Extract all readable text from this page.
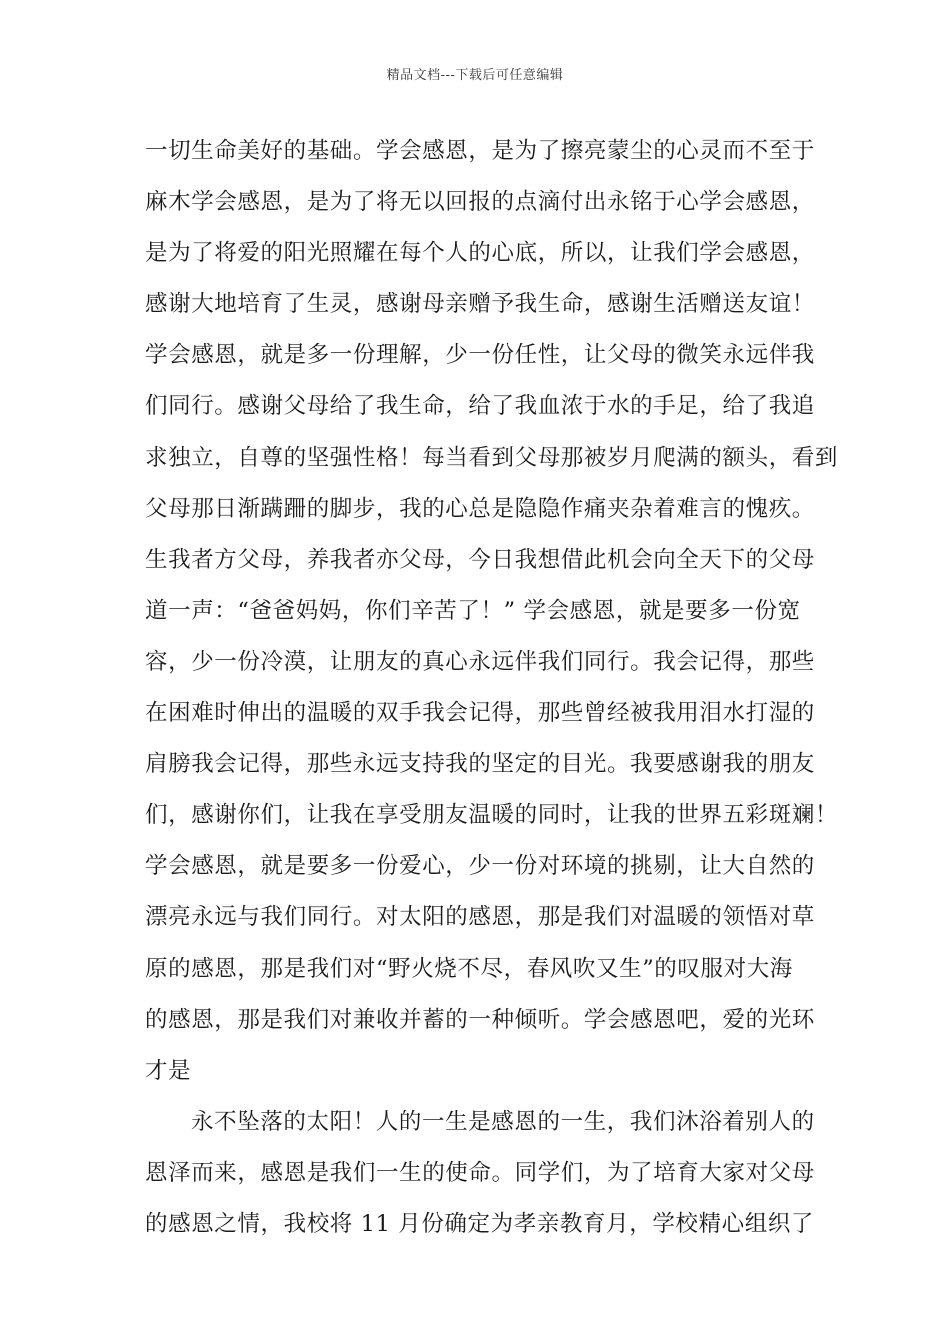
精品文档---下载后可任意编辑
一切生命美好的基础。学会感恩，是为了擦亮蒙尘的心灵而不至于
麻木学会感恩，是为了将无以回报的点滴付出永铭于心学会感恩，
是为了将爱的阳光照耀在每个人的心底，所以，让我们学会感恩，
感谢大地培育了生灵，感谢母亲赠予我生命，感谢生活赠送友谊！
学会感恩，就是多一份理解，少一份任性，让父母的微笑永远伴我
们同行。感谢父母给了我生命，给了我血浓于水的手足，给了我追
求独立，自尊的坚强性格！每当看到父母那被岁月爬满的额头，看到
父母那日渐蹒跚的脚步，我的心总是隐隐作痛夹杂着难言的愧疚。
生我者方父母，养我者亦父母，今日我想借此机会向全天下的父母
道一声：“爸爸妈妈，你们辛苦了！” 学会感恩，就是要多一份宽
容，少一份冷漠，让朋友的真心永远伴我们同行。我会记得，那些
在困难时伸出的温暖的双手我会记得，那些曾经被我用泪水打湿的
肩膀我会记得，那些永远支持我的坚定的目光。我要感谢我的朋友
们，感谢你们，让我在享受朋友温暖的同时，让我的世界五彩斑斓！
学会感恩，就是要多一份爱心，少一份对环境的挑剔，让大自然的
漂亮永远与我们同行。对太阳的感恩，那是我们对温暖的领悟对草
原的感恩，那是我们对“野火烧不尽，春风吹又生”的叹服对大海
的感恩，那是我们对兼收并蓄的一种倾听。学会感恩吧，爱的光环
才是
永不坠落的太阳！人的一生是感恩的一生，我们沐浴着别人的
恩泽而来，感恩是我们一生的使命。同学们，为了培育大家对父母
的感恩之情，我校将 11 月份确定为孝亲教育月，学校精心组织了
